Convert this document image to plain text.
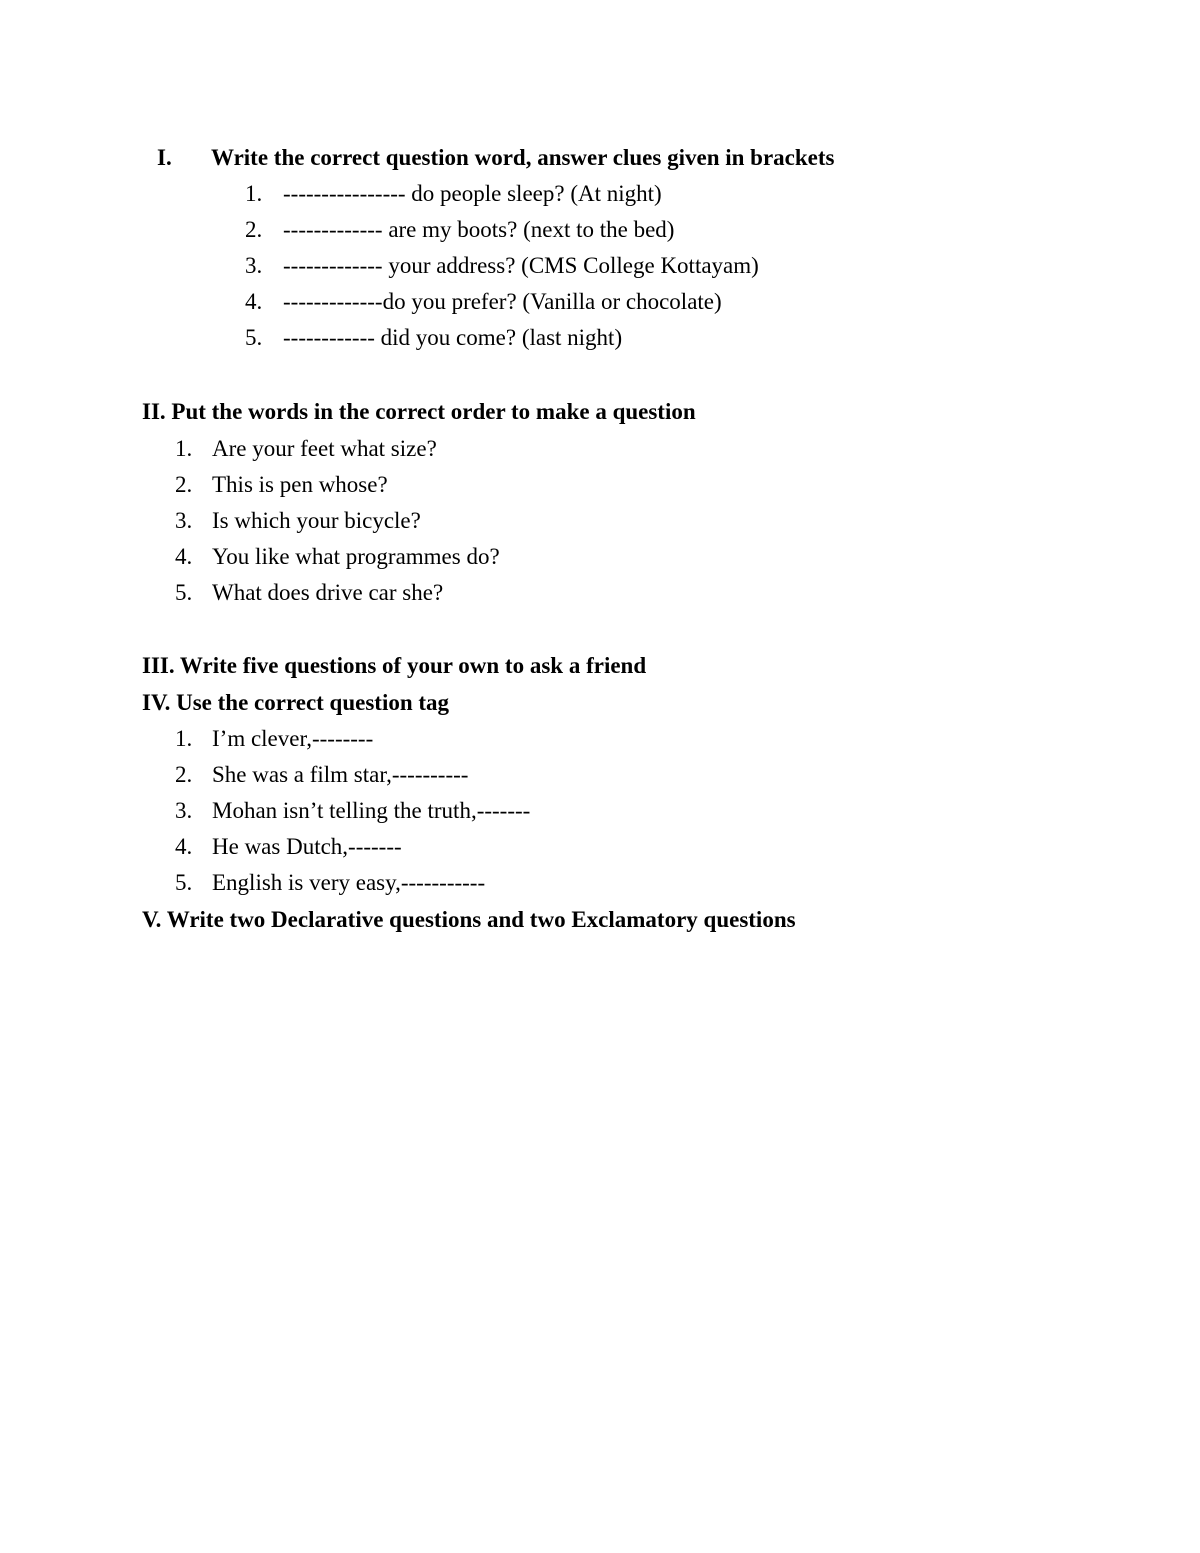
I. Write the correct question word, answer clues given in brackets
1. ---------------- do people sleep? (At night)
2. ------------- are my boots? (next to the bed)
3. ------------- your address? (CMS College Kottayam)
4. -------------do you prefer? (Vanilla or chocolate)
5. ------------ did you come? (last night)
II. Put the words in the correct order to make a question
1. Are your feet what size?
2. This is pen whose?
3. Is which your bicycle?
4. You like what programmes do?
5. What does drive car she?
III. Write five questions of your own to ask a friend
IV. Use the correct question tag
1. I’m clever,--------
2. She was a film star,----------
3. Mohan isn’t telling the truth,-------
4. He was Dutch,-------
5. English is very easy,-----------
V. Write two Declarative questions and two Exclamatory questions
